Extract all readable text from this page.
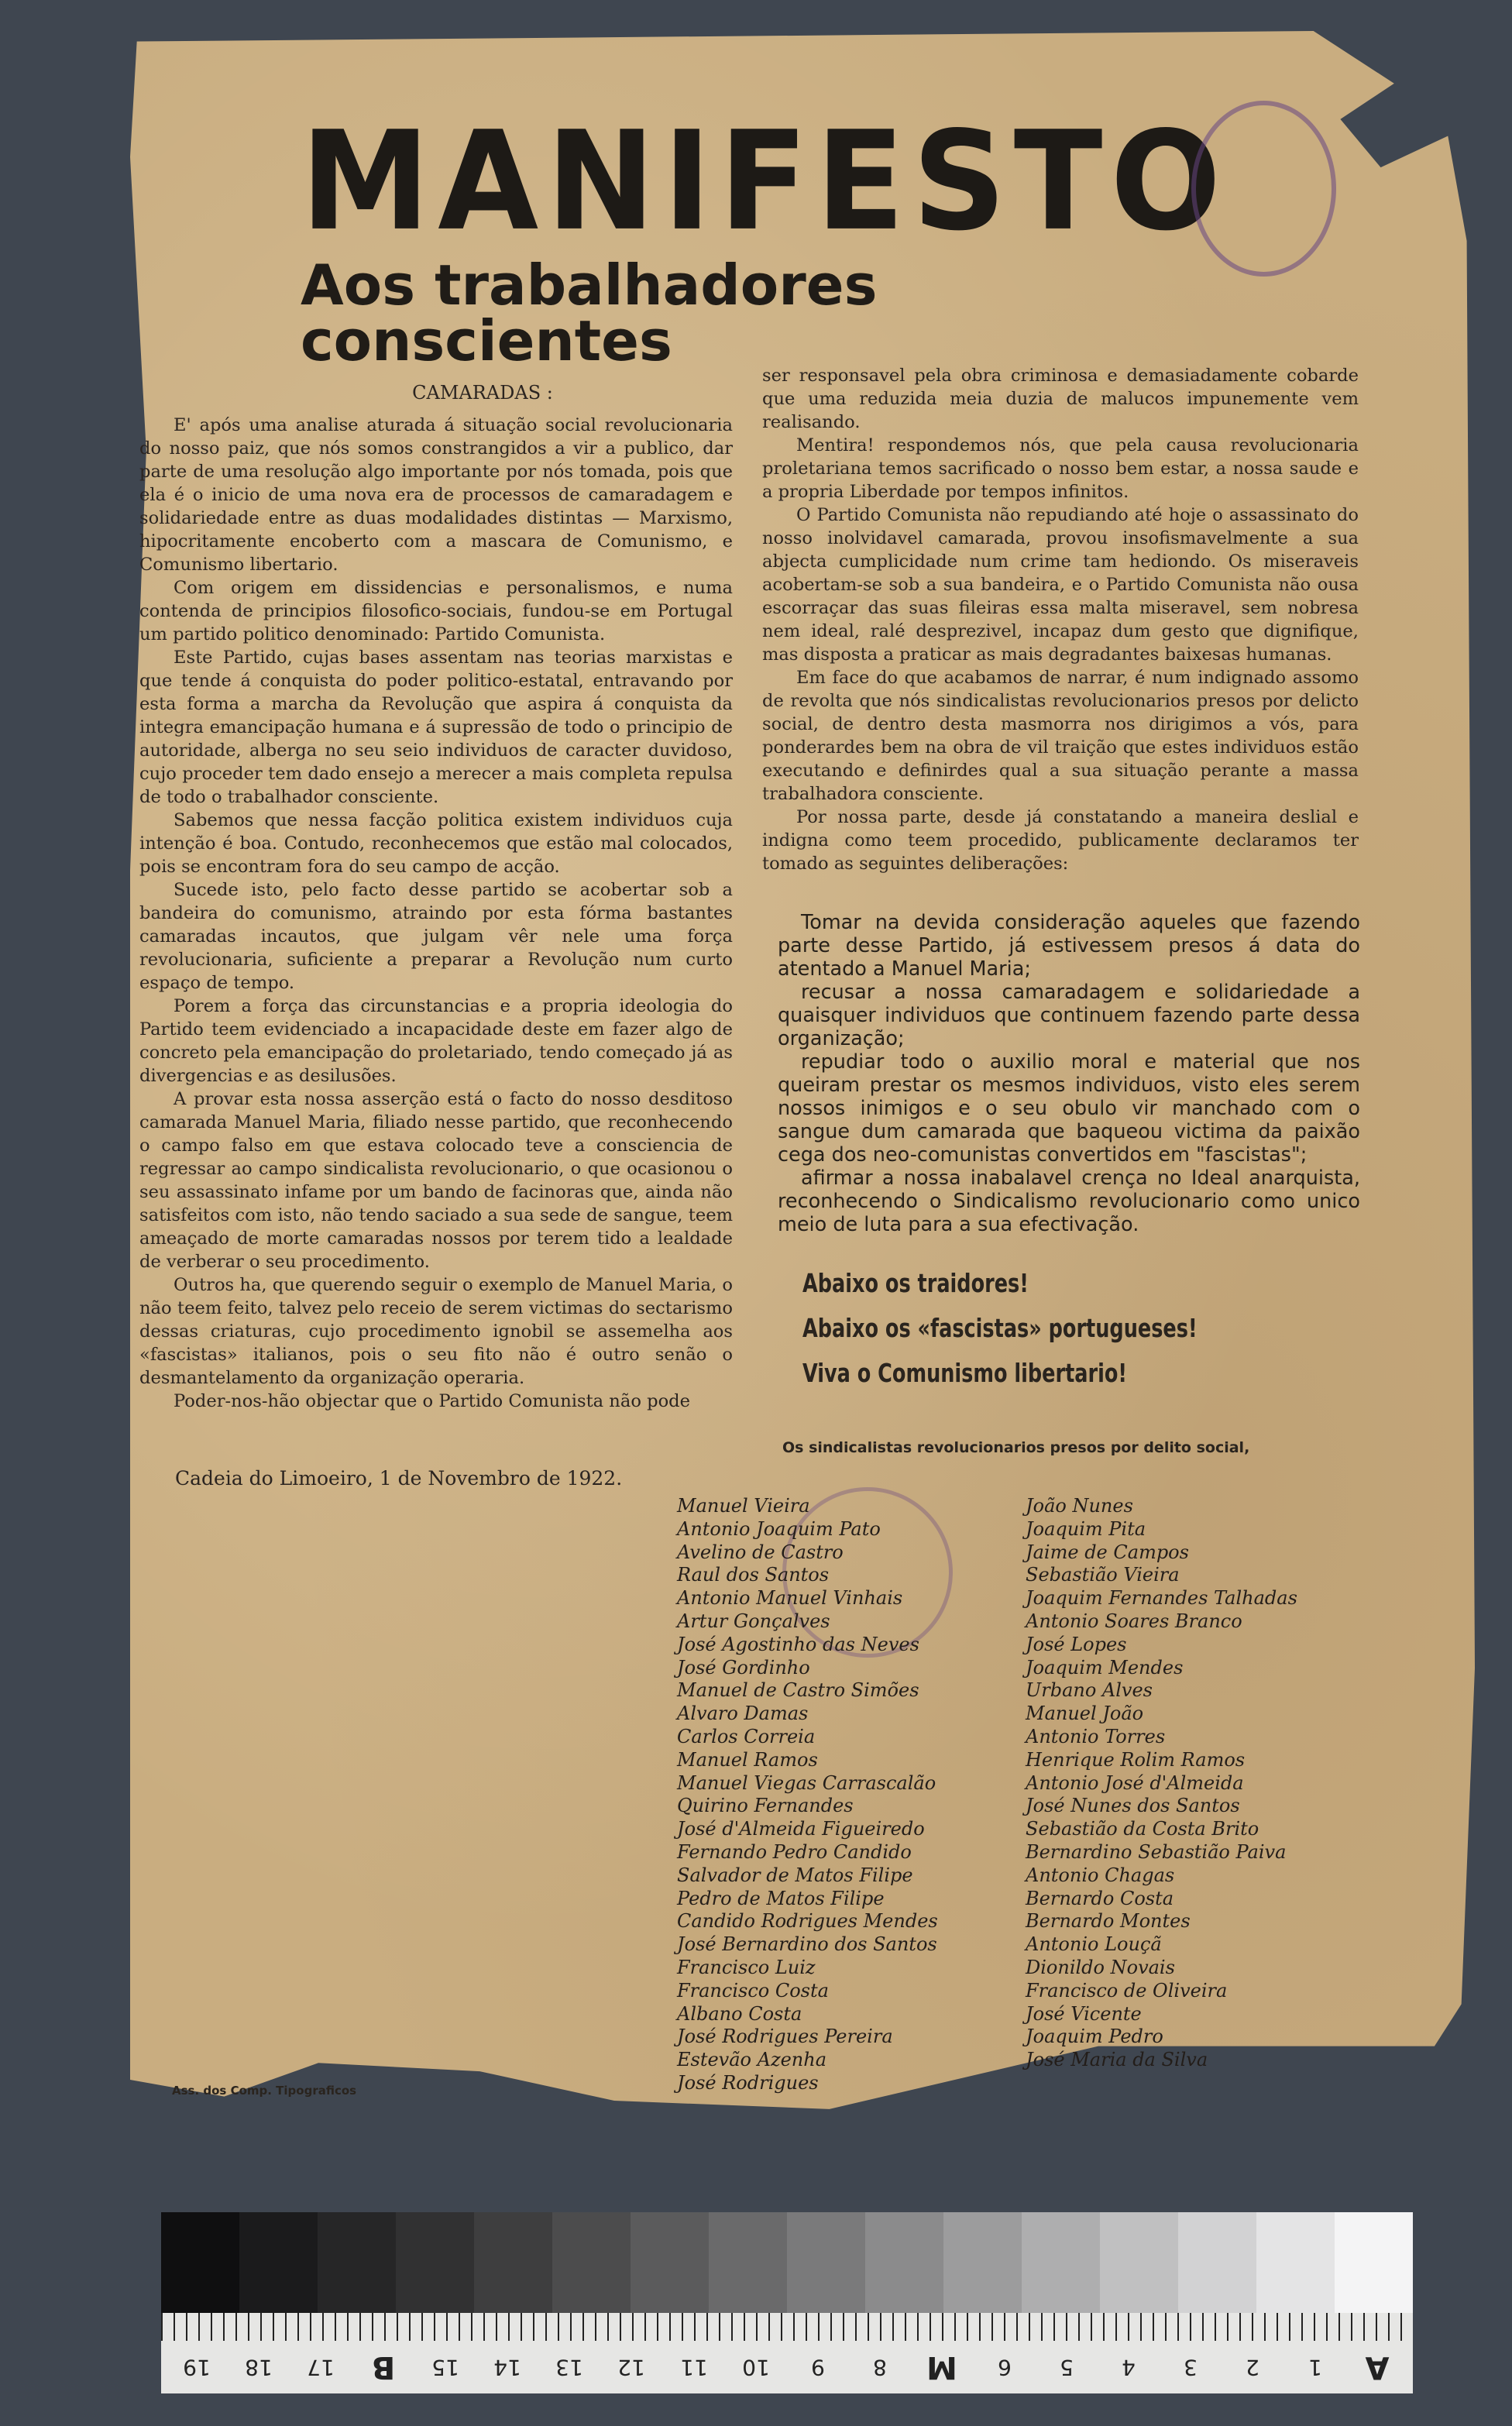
MANIFESTO
Aos trabalhadores conscientes

CAMARADAS :

E' após uma analise aturada á situação social revolucionaria do nosso paiz, que nós somos constrangidos a vir a publico, dar parte de uma resolução algo importante por nós tomada, pois que ela é o inicio de uma nova era de processos de camaradagem e solidariedade entre as duas modalidades distintas — Marxismo, hipocritamente encoberto com a mascara de Comunismo, e Comunismo libertario.

Com origem em dissidencias e personalismos, e numa contenda de principios filosofico-sociais, fundou-se em Portugal um partido politico denominado: Partido Comunista.

Este Partido, cujas bases assentam nas teorias marxistas e que tende á conquista do poder politico-estatal, entravando por esta forma a marcha da Revolução que aspira á conquista da integra emancipação humana e á supressão de todo o principio de autoridade, alberga no seu seio individuos de caracter duvidoso, cujo proceder tem dado ensejo a merecer a mais completa repulsa de todo o trabalhador consciente.

Sabemos que nessa facção politica existem individuos cuja intenção é boa. Contudo, reconhecemos que estão mal colocados, pois se encontram fora do seu campo de acção.

Sucede isto, pelo facto desse partido se acobertar sob a bandeira do comunismo, atraindo por esta fórma bastantes camaradas incautos, que julgam vêr nele uma força revolucionaria, suficiente a preparar a Revolução num curto espaço de tempo.

Porem a força das circunstancias e a propria ideologia do Partido teem evidenciado a incapacidade deste em fazer algo de concreto pela emancipação do proletariado, tendo começado já as divergencias e as desilusões.

A provar esta nossa asserção está o facto do nosso desditoso camarada Manuel Maria, filiado nesse partido, que reconhecendo o campo falso em que estava colocado teve a consciencia de regressar ao campo sindicalista revolucionario, o que ocasionou o seu assassinato infame por um bando de facinoras que, ainda não satisfeitos com isto, não tendo saciado a sua sede de sangue, teem ameaçado de morte camaradas nossos por terem tido a lealdade de verberar o seu procedimento.

Outros ha, que querendo seguir o exemplo de Manuel Maria, o não teem feito, talvez pelo receio de serem victimas do sectarismo dessas criaturas, cujo procedimento ignobil se assemelha aos «fascistas» italianos, pois o seu fito não é outro senão o desmantelamento da organização operaria.

Poder-nos-hão objectar que o Partido Comunista não pode

ser responsavel pela obra criminosa e demasiadamente cobarde que uma reduzida meia duzia de malucos impunemente vem realisando.

Mentira! respondemos nós, que pela causa revolucionaria proletariana temos sacrificado o nosso bem estar, a nossa saude e a propria Liberdade por tempos infinitos.

O Partido Comunista não repudiando até hoje o assassinato do nosso inolvidavel camarada, provou insofismavelmente a sua abjecta cumplicidade num crime tam hediondo. Os miseraveis acobertam-se sob a sua bandeira, e o Partido Comunista não ousa escorraçar das suas fileiras essa malta miseravel, sem nobresa nem ideal, ralé desprezivel, incapaz dum gesto que dignifique, mas disposta a praticar as mais degradantes baixesas humanas.

Em face do que acabamos de narrar, é num indignado assomo de revolta que nós sindicalistas revolucionarios presos por delicto social, de dentro desta masmorra nos dirigimos a vós, para ponderardes bem na obra de vil traição que estes individuos estão executando e definirdes qual a sua situação perante a massa trabalhadora consciente.

Por nossa parte, desde já constatando a maneira deslial e indigna como teem procedido, publicamente declaramos ter tomado as seguintes deliberações:

Tomar na devida consideração aqueles que fazendo parte desse Partido, já estivessem presos á data do atentado a Manuel Maria;

recusar a nossa camaradagem e solidariedade a quaisquer individuos que continuem fazendo parte dessa organização;

repudiar todo o auxilio moral e material que nos queiram prestar os mesmos individuos, visto eles serem nossos inimigos e o seu obulo vir manchado com o sangue dum camarada que baqueou victima da paixão cega dos neo-comunistas convertidos em "fascistas";

afirmar a nossa inabalavel crença no Ideal anarquista, reconhecendo o Sindicalismo revolucionario como unico meio de luta para a sua efectivação.

Abaixo os traidores!
Abaixo os «fascistas» portugueses!
Viva o Comunismo libertario!
Os sindicalistas revolucionarios presos por delito social,
Cadeia do Limoeiro, 1 de Novembro de 1922.
Manuel Vieira
Antonio Joaquim Pato
Avelino de Castro
Raul dos Santos
Antonio Manuel Vinhais
Artur Gonçalves
José Agostinho das Neves
José Gordinho
Manuel de Castro Simões
Alvaro Damas
Carlos Correia
Manuel Ramos
Manuel Viegas Carrascalão
Quirino Fernandes
José d'Almeida Figueiredo
Fernando Pedro Candido
Salvador de Matos Filipe
Pedro de Matos Filipe
Candido Rodrigues Mendes
José Bernardino dos Santos
Francisco Luiz
Francisco Costa
Albano Costa
José Rodrigues Pereira
Estevão Azenha
José Rodrigues
João Nunes
Joaquim Pita
Jaime de Campos
Sebastião Vieira
Joaquim Fernandes Talhadas
Antonio Soares Branco
José Lopes
Joaquim Mendes
Urbano Alves
Manuel João
Antonio Torres
Henrique Rolim Ramos
Antonio José d'Almeida
José Nunes dos Santos
Sebastião da Costa Brito
Bernardino Sebastião Paiva
Antonio Chagas
Bernardo Costa
Bernardo Montes
Antonio Louçã
Dionildo Novais
Francisco de Oliveira
José Vicente
Joaquim Pedro
José Maria da Silva
Ass. dos Comp. Tipograficos
A
1
2
3
4
5
6
M
8
9
10
11
12
13
14
15
B
17
18
19
